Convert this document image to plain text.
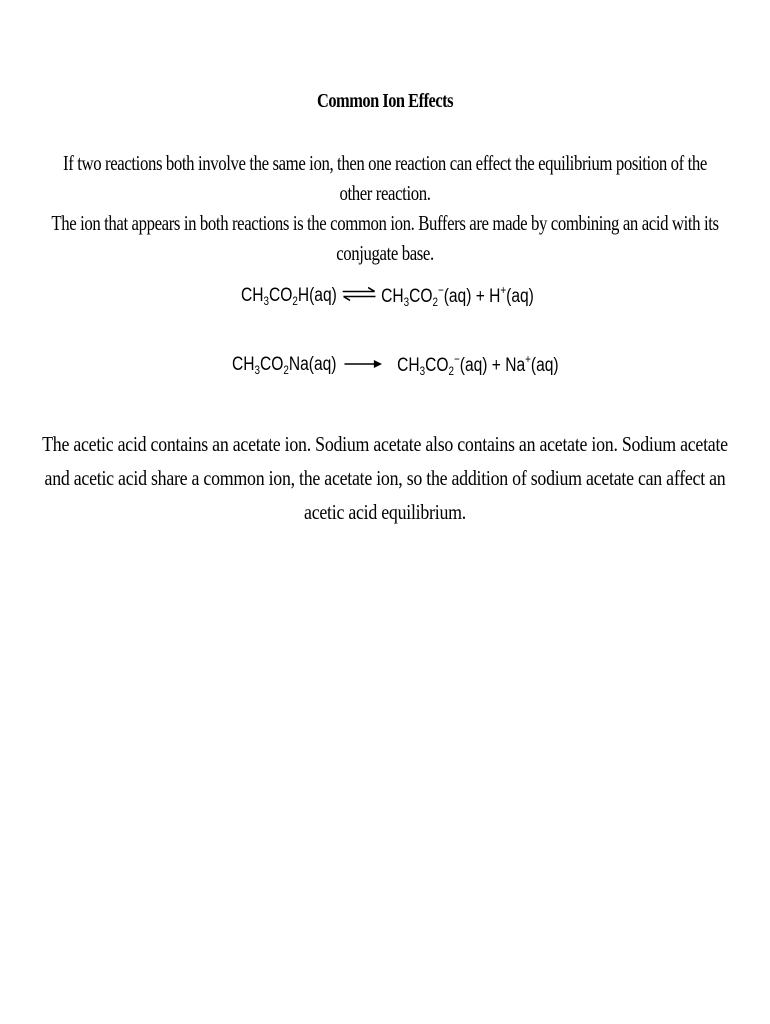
Common Ion Effects
If two reactions both involve the same ion, then one reaction can effect the equilibrium position of the other reaction.
The ion that appears in both reactions is the common ion. Buffers are made by combining an acid with its
conjugate base.
$CH_3CO_2H(aq)$ ⇌ $CH_3CO_2^-(aq) + H^+(aq)$
$CH_3CO_2Na(aq)$	$CH_3CO_2^-(aq) + Na^+(aq)$
The acetic acid contains an acetate ion. Sodium acetate also contains an acetate ion. Sodium acetate
and acetic acid share a common ion, the acetate ion, so the addition of sodium acetate can affect an
acetic acid equilibrium.
